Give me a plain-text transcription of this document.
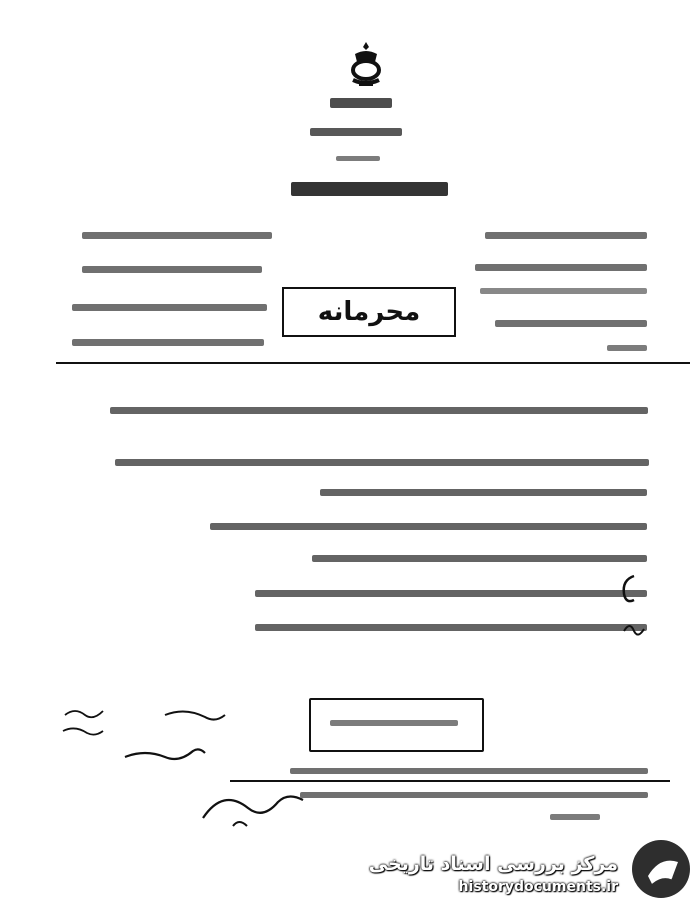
محرمانه
مرکز بررسی اسناد تاریخی
historydocuments.ir
